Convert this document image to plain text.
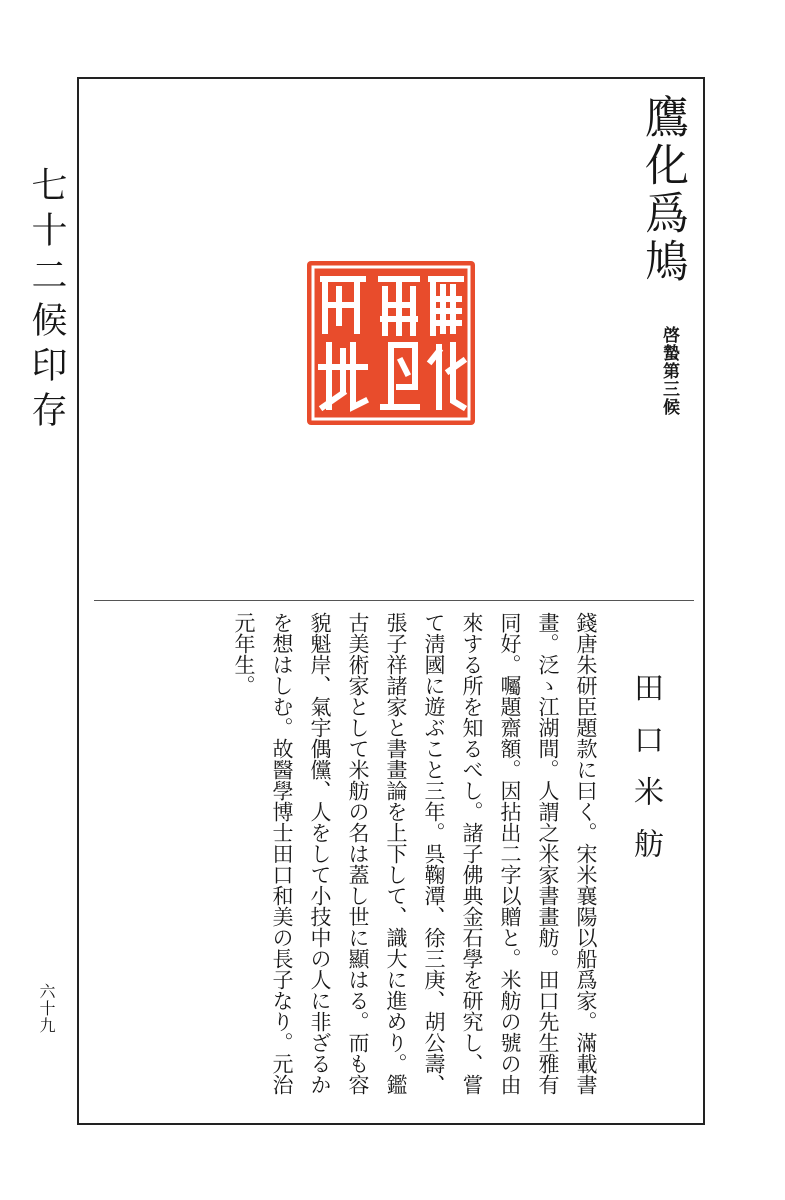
七十二候印存
六十九
鷹化爲鳩
啓蟄第三候
田口米舫

錢唐朱研臣題款に曰く。宋米襄陽以船爲家。滿載書畫。泛ゝ江湖間。人謂之米家書畫舫。田口先生雅有同好。囑題齋額。因拈出二字以贈と。米舫の號の由來する所を知るべし。諸子佛典金石學を研究し、嘗て淸國に遊ぶこと三年。呉鞠潭、徐三庚、胡公壽、張子祥諸家と書畫論を上下して、識大に進めり。鑑古美術家として米舫の名は蓋し世に顯はる。而も容貌魁岸、氣宇偶儻、人をして小技中の人に非ざるかを想はしむ。故醫學博士田口和美の長子なり。元治元年生。
